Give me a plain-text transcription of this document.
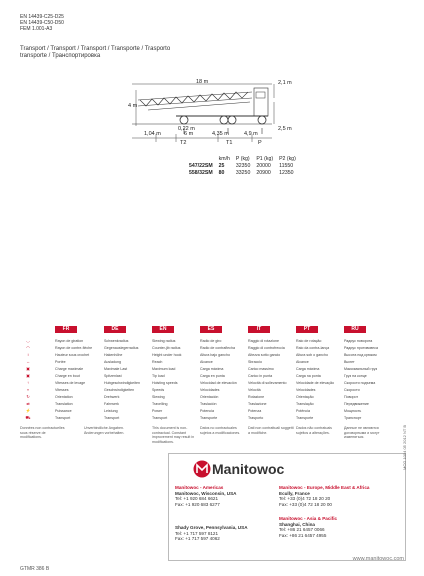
EN 14439-C25-D25
EN 14439-C50-D50
FEM 1.001-A3
Transport / Transport / Transport / Transporte / Trasporto
transporte / Транспортировка
18 m
4 m
2,1 m
2,5 m
0,22 m
1,04 m	6 m	4,35 m	4,9 m
T2	T1	P
	km/h	P (kg)	P1 (kg)	P2 (kg)
547/22SM	25	32350	20000	11550
558/32SM	80	33250	20900	12350
FR	DE	EN	ES	IT	PT	RU
◡	Rayon de giration	Schwenkradius	Slewing radius	Radio de giro	Raggio di rotazione	Raio de rotação	Радиус поворота
◠	Rayon de contre-flèche	Gegenauslegerradius	Counter-jib radius	Radio de contraflecha	Raggio di controfreccia	Raio da contra-lança	Радиус противовеса
↕	Hauteur sous crochet	Hakenhöhe	Height under hook	Altura bajo gancho	Altezza sotto gancio	Altura sob o gancho	Высота под крюком
↔	Portée	Ausladung	Reach	Alcance	Sbraccio	Alcance	Вылет
▣	Charge maximale	Maximale Last	Maximum load	Carga máxima	Carico massimo	Carga máxima	Максимальный груз
▣	Charge en bout	Spitzenlast	Tip load	Carga en punta	Carico in punta	Carga na ponta	Груз на конце
↑	Vitesses de levage	Hubgeschwindigkeiten	Hoisting speeds	Velocidad de elevación	Velocità di sollevamento	Velocidade de elevação	Скорости подъема
»	Vitesses	Geschwindigkeiten	Speeds	Velocidades	Velocità	Velocidades	Скорости
↻	Orientation	Drehwerk	Slewing	Orientación	Rotazione	Orientação	Поворот
⇄	Translation	Fahrwerk	Travelling	Traslación	Traslazione	Translação	Передвижение
⚡	Puissance	Leistung	Power	Potencia	Potenza	Potência	Мощность
⛟	Transport	Transport	Transport	Transporte	Trasporto	Transporte	Транспорт
Données non contractuelles sous réserve de modifications.
Unverbindliche Angaben. Änderungen vorbehalten.
This document is non-contractual. Constant improvement may result in modifications.
Datos no contractuales sujetos a modificaciones.
Dati non contrattuali soggetti a modifiche.
Dados não contratuais sujeitos a alterações.
Данные не являются договорными и могут изменяться.
Manitowoc
Manitowoc - Americas
Manitowoc, Wisconsin, USA
Tel: +1 920 684 6621
Fax: +1 920 683 6277
Shady Grove, Pennsylvania, USA
Tel: +1 717 597 8121
Fax: +1 717 597 4062
Manitowoc - Europe, Middle East & Africa
Ecully, France
Tel: +33 (0)4 72 18 20 20
Fax: +33 (0)4 72 18 20 00
Manitowoc - Asia & Pacific
Shanghai, China
Tel: +86 21 6457 0066
Fax: +86 21 6457 4955
MCG 1004 05 2012 NT B
www.manitowoc.com
GTMR 386 B
